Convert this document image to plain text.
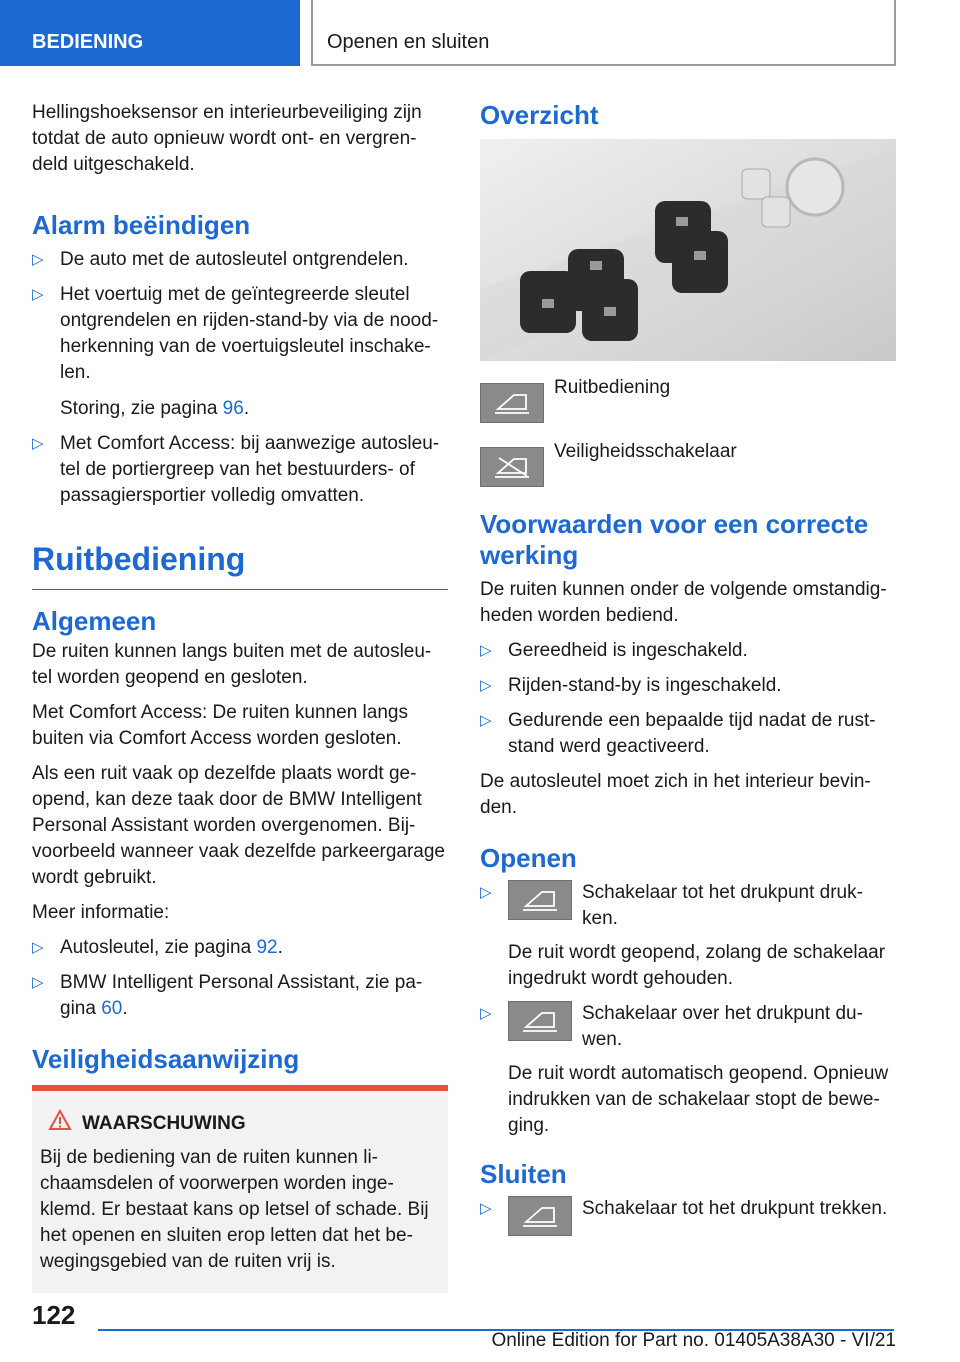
BEDIENING	Openen en sluiten

Hellingshoeksensor en interieurbeveiliging zijn totdat de auto opnieuw wordt ont- en vergren-deld uitgeschakeld.

Alarm beëindigen
▷ De auto met de autosleutel ontgrendelen.
▷ Het voertuig met de geïntegreerde sleutel ontgrendelen en rijden-stand-by via de nood-herkenning van de voertuigsleutel inschake-len.
Storing, zie pagina 96.
▷ Met Comfort Access: bij aanwezige autosleu-tel de portiergreep van het bestuurders- of passagiersportier volledig omvatten.
Ruitbediening
Algemeen

De ruiten kunnen langs buiten met de autosleu-tel worden geopend en gesloten.

Met Comfort Access: De ruiten kunnen langs buiten via Comfort Access worden gesloten.

Als een ruit vaak op dezelfde plaats wordt ge-opend, kan deze taak door de BMW Intelligent Personal Assistant worden overgenomen. Bij-voorbeeld wanneer vaak dezelfde parkeergarage wordt gebruikt.

Meer informatie:

▷ Autosleutel, zie pagina 92.
▷ BMW Intelligent Personal Assistant, zie pa-gina 60.
Veiligheidsaanwijzing
WAARSCHUWING
Bij de bediening van de ruiten kunnen li-chaamsdelen of voorwerpen worden inge-klemd. Er bestaat kans op letsel of schade. Bij het openen en sluiten erop letten dat het be-wegingsgebied van de ruiten vrij is.
Overzicht
Ruitbediening
Veiligheidsschakelaar
Voorwaarden voor een correcte werking

De ruiten kunnen onder de volgende omstandig-heden worden bediend.

▷ Gereedheid is ingeschakeld.
▷ Rijden-stand-by is ingeschakeld.
▷ Gedurende een bepaalde tijd nadat de rust-stand werd geactiveerd.

De autosleutel moet zich in het interieur bevin-den.

Openen
▷	Schakelaar tot het drukpunt druk-ken.
De ruit wordt geopend, zolang de schakelaar ingedrukt wordt gehouden.
▷	Schakelaar over het drukpunt du-wen.
De ruit wordt automatisch geopend. Opnieuw indrukken van de schakelaar stopt de bewe-ging.
Sluiten
▷	Schakelaar tot het drukpunt trekken.
122
Online Edition for Part no. 01405A38A30 - VI/21
